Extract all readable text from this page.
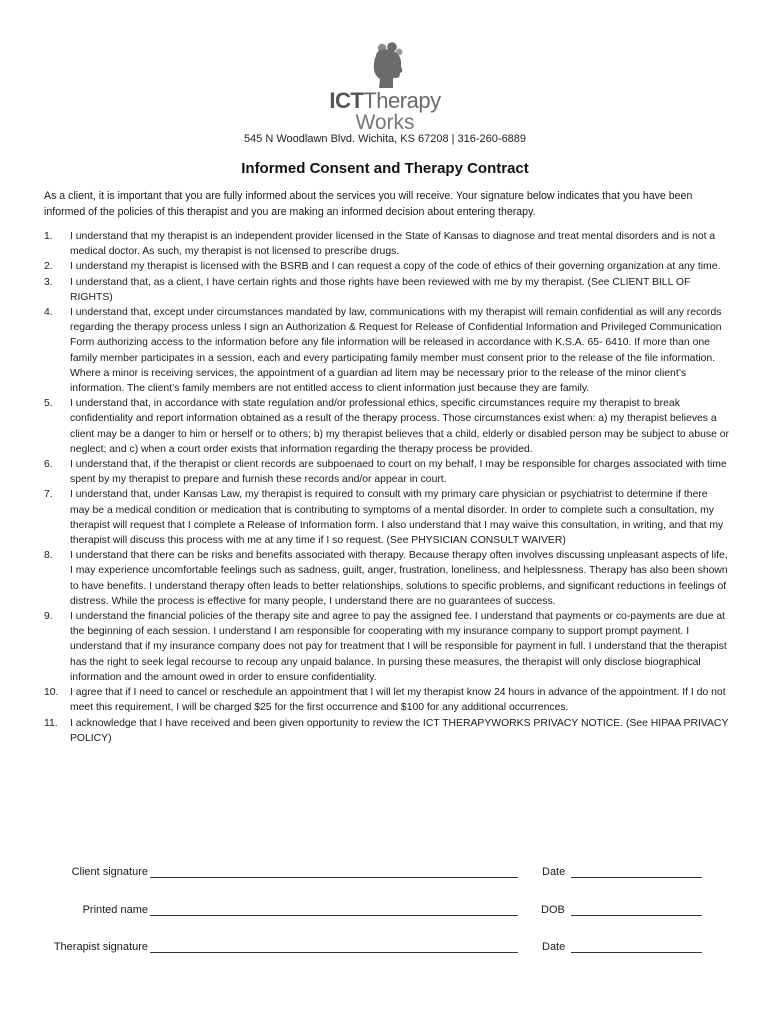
ICTTherapy
Works
545 N Woodlawn Blvd. Wichita, KS 67208 | 316-260-6889
Informed Consent and Therapy Contract
As a client, it is important that you are fully informed about the services you will receive. Your signature below indicates that you have been informed of the policies of this therapist and you are making an informed decision about entering therapy.
1.	I understand that my therapist is an independent provider licensed in the State of Kansas to diagnose and treat mental disorders and is not a medical doctor. As such, my therapist is not licensed to prescribe drugs.
2.	I understand my therapist is licensed with the BSRB and I can request a copy of the code of ethics of their governing organization at any time.
3.	I understand that, as a client, I have certain rights and those rights have been reviewed with me by my therapist. (See CLIENT BILL OF RIGHTS)
4.	I understand that, except under circumstances mandated by law, communications with my therapist will remain confidential as will any records regarding the therapy process unless I sign an Authorization & Request for Release of Confidential Information and Privileged Communication Form authorizing access to the information before any file information will be released in accordance with K.S.A. 65- 6410. If more than one family member participates in a session, each and every participating family member must consent prior to the release of the file information. Where a minor is receiving services, the appointment of a guardian ad litem may be necessary prior to the release of the minor client’s information. The client’s family members are not entitled access to client information just because they are family.
5.	I understand that, in accordance with state regulation and/or professional ethics, specific circumstances require my therapist to break confidentiality and report information obtained as a result of the therapy process. Those circumstances exist when: a) my therapist believes a client may be a danger to him or herself or to others; b) my therapist believes that a child, elderly or disabled person may be subject to abuse or neglect; and c) when a court order exists that information regarding the therapy process be provided.
6.	I understand that, if the therapist or client records are subpoenaed to court on my behalf, I may be responsible for charges associated with time spent by my therapist to prepare and furnish these records and/or appear in court.
7.	I understand that, under Kansas Law, my therapist is required to consult with my primary care physician or psychiatrist to determine if there may be a medical condition or medication that is contributing to symptoms of a mental disorder. In order to complete such a consultation, my therapist will request that I complete a Release of Information form. I also understand that I may waive this consultation, in writing, and that my therapist will discuss this process with me at any time if I so request. (See PHYSICIAN CONSULT WAIVER)
8.	I understand that there can be risks and benefits associated with therapy. Because therapy often involves discussing unpleasant aspects of life, I may experience uncomfortable feelings such as sadness, guilt, anger, frustration, loneliness, and helplessness. Therapy has also been shown to have benefits. I understand therapy often leads to better relationships, solutions to specific problems, and significant reductions in feelings of distress. While the process is effective for many people, I understand there are no guarantees of success.
9.	I understand the financial policies of the therapy site and agree to pay the assigned fee. I understand that payments or co-payments are due at the beginning of each session. I understand I am responsible for cooperating with my insurance company to support prompt payment. I understand that if my insurance company does not pay for treatment that I will be responsible for payment in full. I understand that the therapist has the right to seek legal recourse to recoup any unpaid balance. In pursing these measures, the therapist will only disclose biographical information and the amount owed in order to ensure confidentiality.
10.	I agree that if I need to cancel or reschedule an appointment that I will let my therapist know 24 hours in advance of the appointment. If I do not meet this requirement, I will be charged $25 for the first occurrence and $100 for any additional occurrences.
11.	I acknowledge that I have received and been given opportunity to review the ICT THERAPYWORKS PRIVACY NOTICE. (See HIPAA PRIVACY POLICY)
Client signature	Date
Printed name	DOB
Therapist signature	Date
